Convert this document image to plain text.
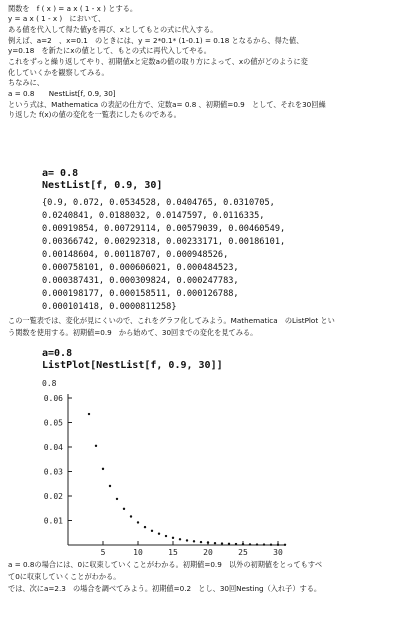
関数を　f ( x ) = a x ( 1 - x ) とする。
y = a x ( 1 - x )　において、
ある値を代入して得た値yを再び、xとしてもとの式に代入する。
例えば、a=2　、x=0.1　のときには、y = 2*0.1* (1-0.1) = 0.18 となるから、得た値、
y=0.18　を新たにxの値として、もとの式に再代入してやる。
これをずっと繰り返してやり、初期値xと定数aの値の取り方によって、xの値がどのように変
化していくかを観察してみる。
ちなみに、
a = 0.8　　NestList[f, 0.9, 30]
という式は、Mathematica の表記の仕方で、定数a= 0.8 、初期値=0.9　として、それを30回繰
り返した f(x)の値の変化を一覧表にしたものである。
a= 0.8
NestList[f, 0.9, 30]
{0.9, 0.072, 0.0534528, 0.0404765, 0.0310705,
0.0240841, 0.0188032, 0.0147597, 0.0116335,
0.00919854, 0.00729114, 0.00579039, 0.00460549,
0.00366742, 0.00292318, 0.00233171, 0.00186101,
0.00148604, 0.00118707, 0.000948526,
0.000758101, 0.000606021, 0.000484523,
0.000387431, 0.000309824, 0.000247783,
0.000198177, 0.000158511, 0.000126788,
0.000101418, 0.0000811258}
この一覧表では、変化が見にくいので、これをグラフ化してみよう。Mathematica　のListPlot とい
う関数を使用する。初期値=0.9　から始めて、30回までの変化を見てみる。
a=0.8
ListPlot[NestList[f, 0.9, 30]]
0.8
0.01
0.02
0.03
0.04
0.05
0.06
5	10	15	20	25	30
a = 0.8の場合には、0に収束していくことがわかる。初期値=0.9　以外の初期値をとってもすべ
て0に収束していくことがわかる。
では、次にa=2.3　の場合を調べてみよう。初期値=0.2　とし、30回Nesting（入れ子）する。
